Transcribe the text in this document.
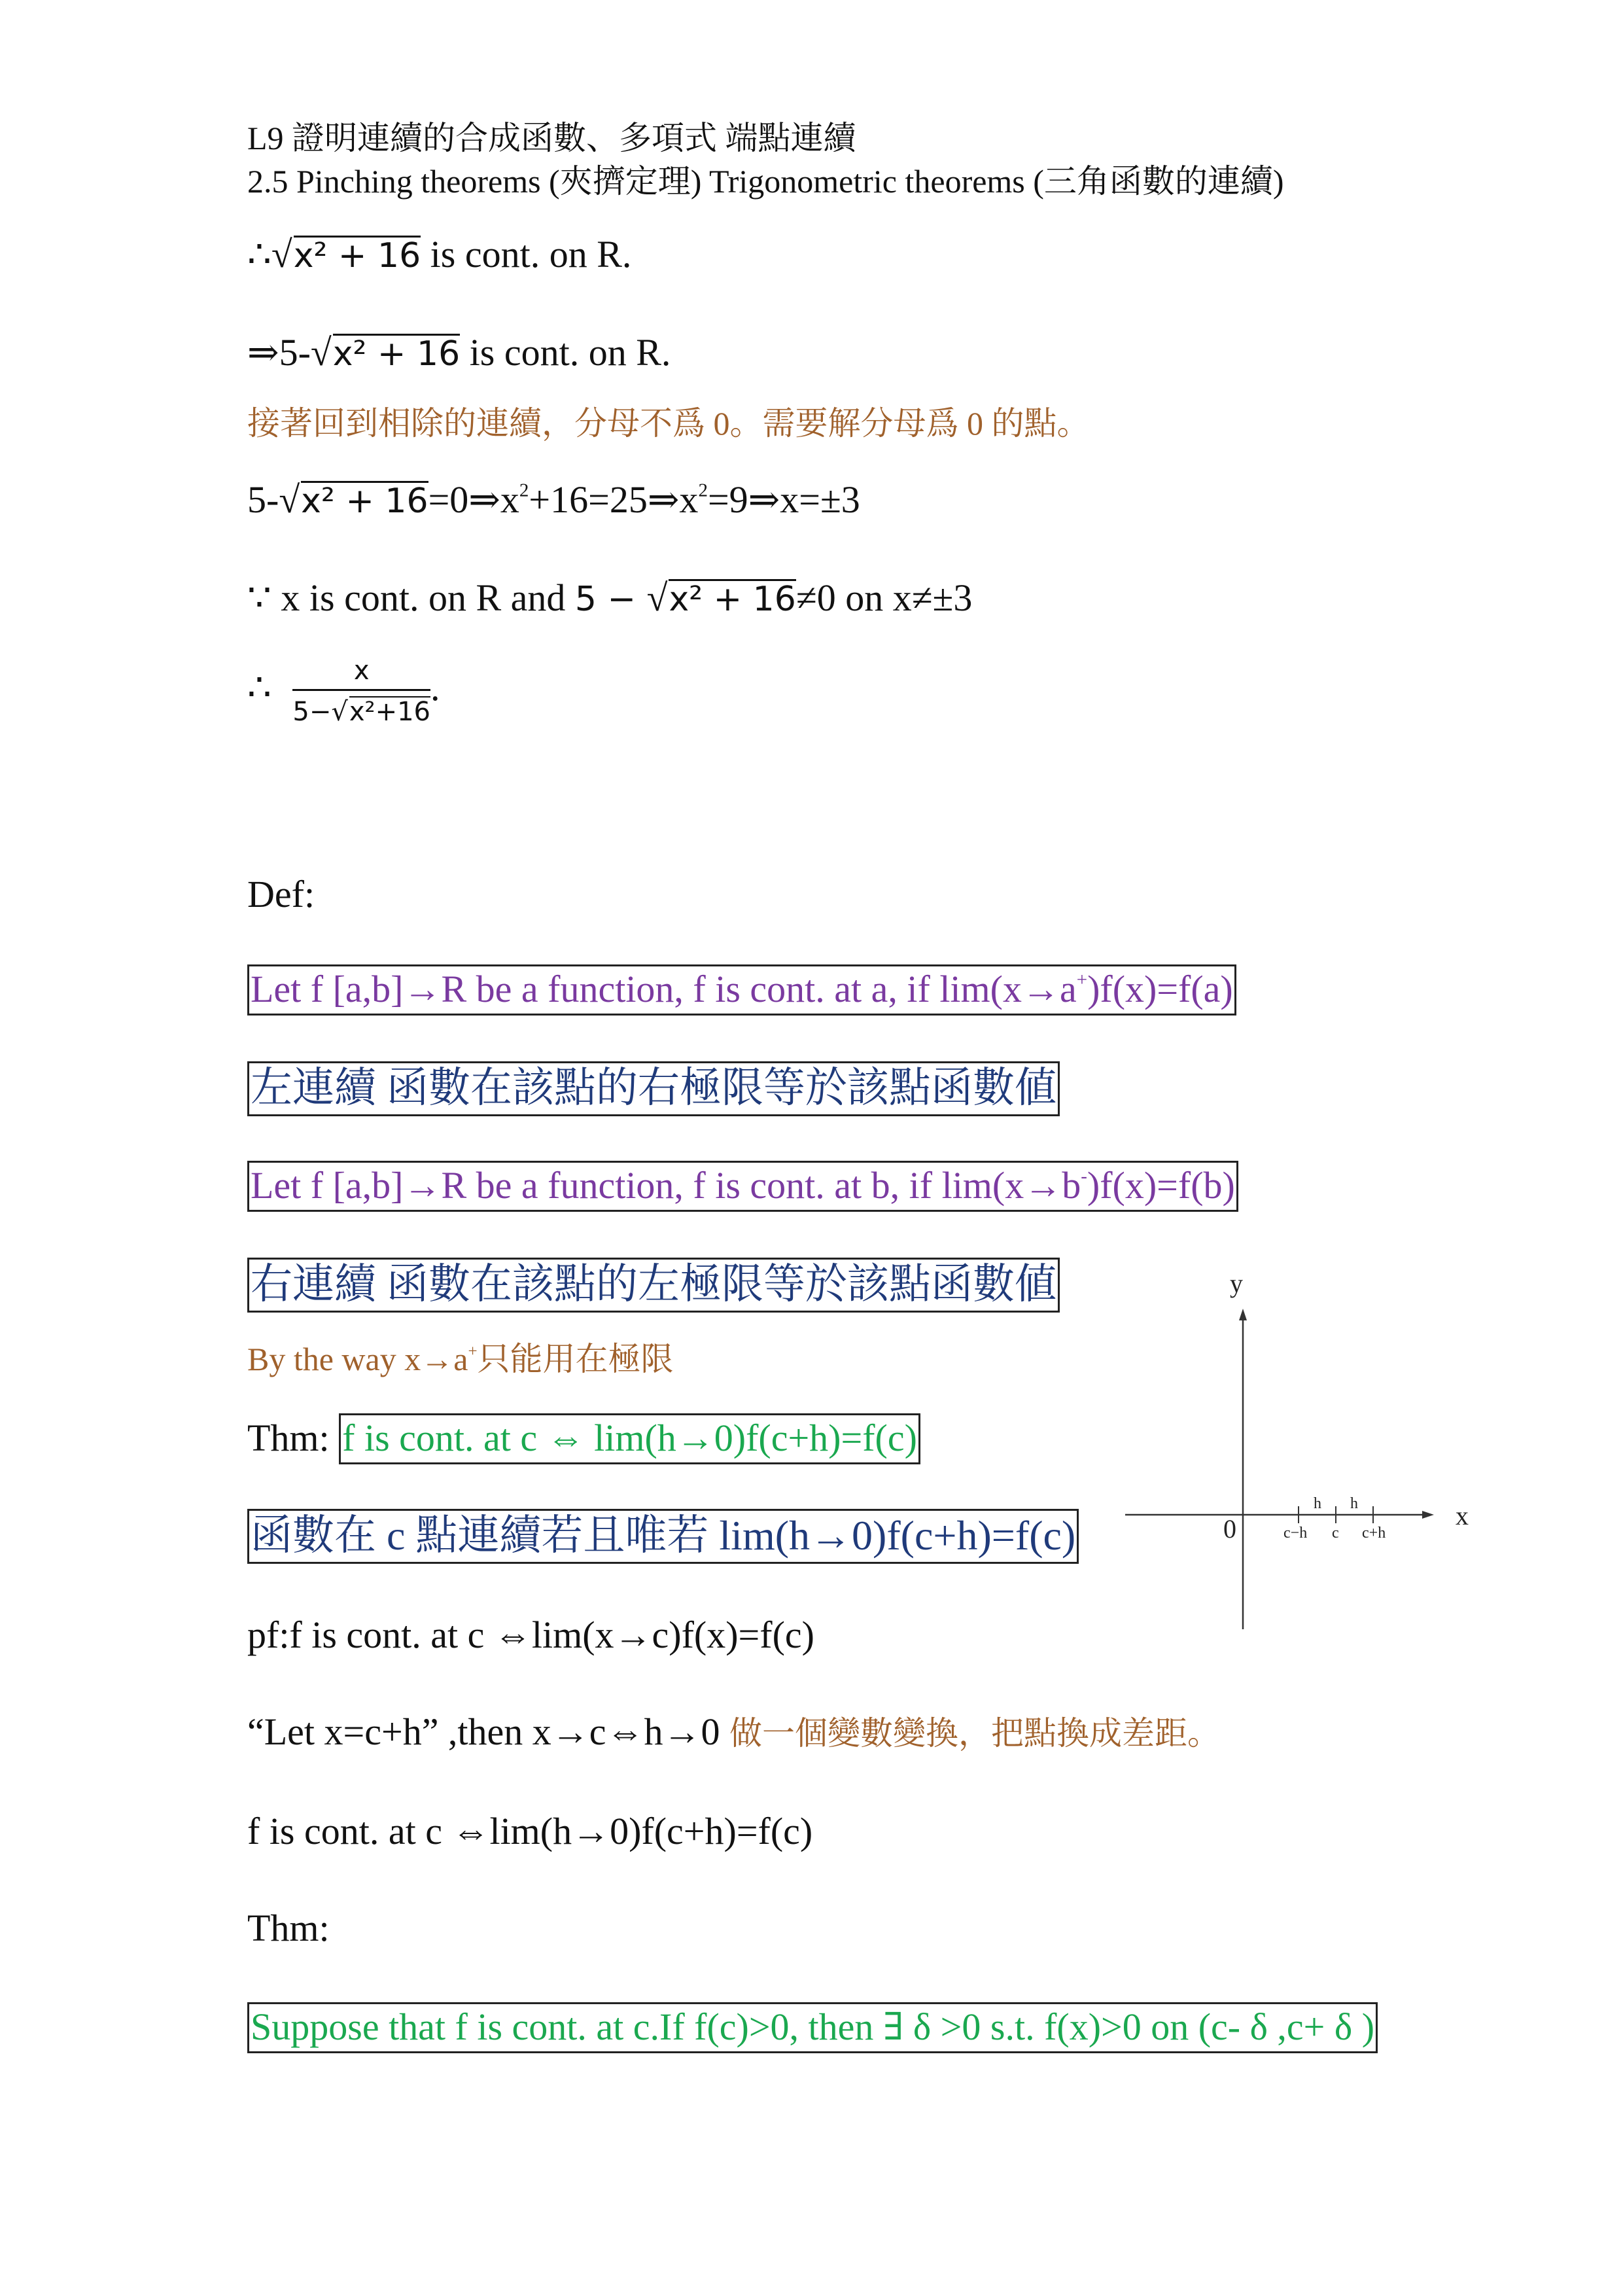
L9 證明連續的合成函數、多項式 端點連續
2.5 Pinching theorems (夾擠定理) Trigonometric theorems (三角函數的連續)
∴√x² + 16 is cont. on R.
⇒5-√x² + 16 is cont. on R.
接著回到相除的連續，分母不爲 0。需要解分母爲 0 的點。
$5-√x^2 + 16=0\Rightarrow x^2+16=25\Rightarrow x^2=9\Rightarrow x=\pm 3$
∵ x is cont. on R and 5 − √x² + 16≠0 on x≠±3
∴ $\frac{x}{\text{5−√x²+16}}$ .
Def:
Let f [a,b]→R be a function, f is cont. at a, if lim(x→a+)f(x)=f(a)
左連續 函數在該點的右極限等於該點函數値
Let f [a,b]→R be a function, f is cont. at b, if lim(x→b-)f(x)=f(b)
右連續 函數在該點的左極限等於該點函數値
By the way x→a+只能用在極限
Thm: f is cont. at c ⇔ lim(h→0)f(c+h)=f(c)
函數在 c 點連續若且唯若 lim(h→0)f(c+h)=f(c)
pf:f is cont. at c ⇔lim(x→c)f(x)=f(c)
“Let x=c+h” ,then x→c⇔h→0 做一個變數變換，把點換成差距。
f is cont. at c ⇔lim(h→0)f(c+h)=f(c)
Thm:
Suppose that f is cont. at c.If f(c)>0, then ∃ δ >0 s.t. f(x)>0 on (c- δ ,c+ δ )
y
x
0
h h
c−h c c+h
